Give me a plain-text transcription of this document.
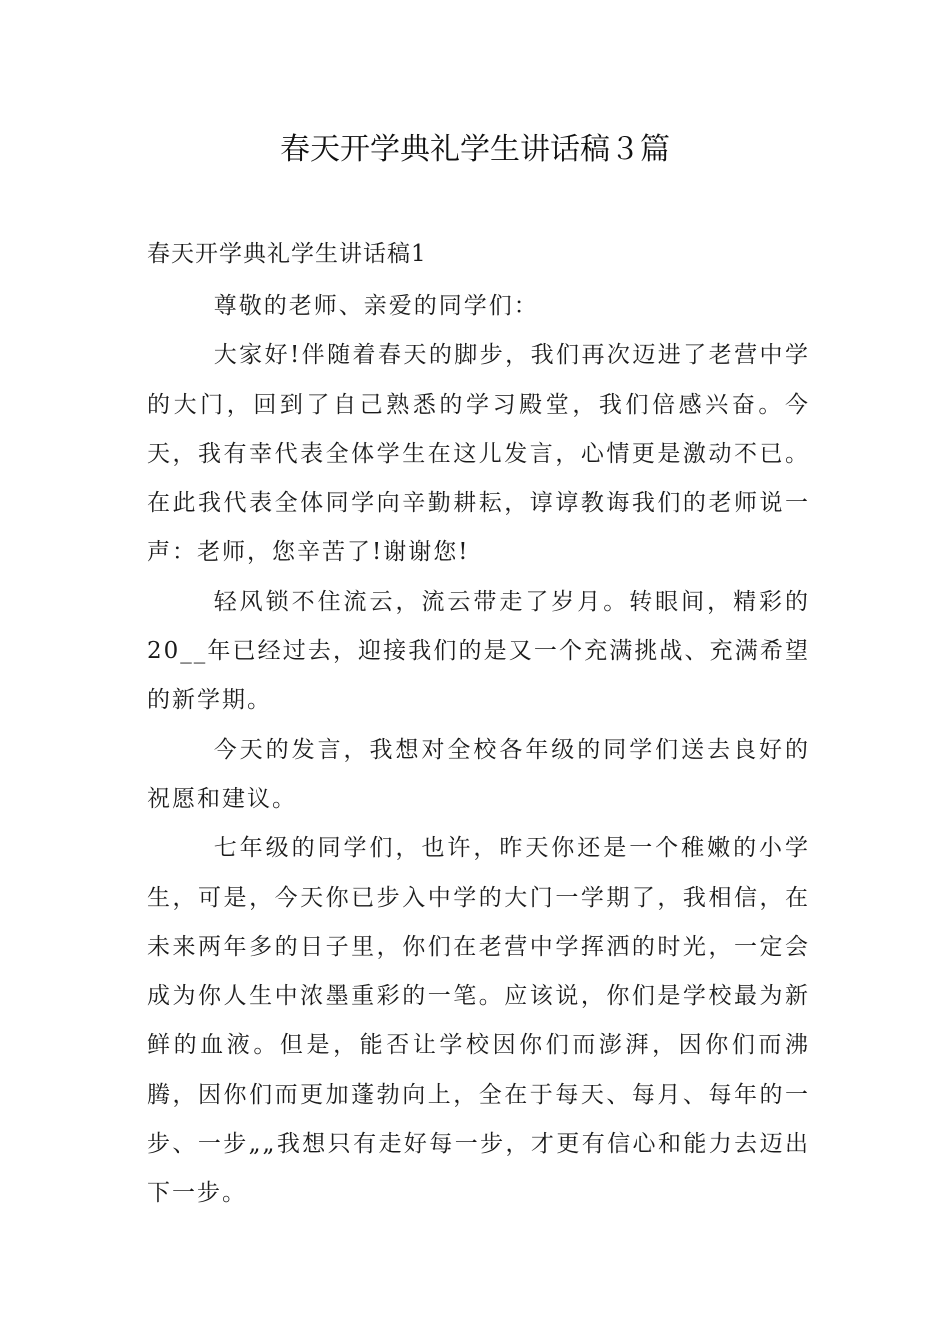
春天开学典礼学生讲话稿３篇
春天开学典礼学生讲话稿1

尊敬的老师、亲爱的同学们：

大家好!伴随着春天的脚步，我们再次迈进了老营中学的大门，回到了自己熟悉的学习殿堂，我们倍感兴奋。今天，我有幸代表全体学生在这儿发言，心情更是激动不已。在此我代表全体同学向辛勤耕耘，谆谆教诲我们的老师说一声：老师，您辛苦了!谢谢您!

轻风锁不住流云，流云带走了岁月。转眼间，精彩的20__年已经过去，迎接我们的是又一个充满挑战、充满希望的新学期。

今天的发言，我想对全校各年级的同学们送去良好的祝愿和建议。

七年级的同学们，也许，昨天你还是一个稚嫩的小学生，可是，今天你已步入中学的大门一学期了，我相信，在未来两年多的日子里，你们在老营中学挥洒的时光，一定会成为你人生中浓墨重彩的一笔。应该说，你们是学校最为新鲜的血液。但是，能否让学校因你们而澎湃，因你们而沸腾，因你们而更加蓬勃向上，全在于每天、每月、每年的一步、一步„„我想只有走好每一步，才更有信心和能力去迈出下一步。
